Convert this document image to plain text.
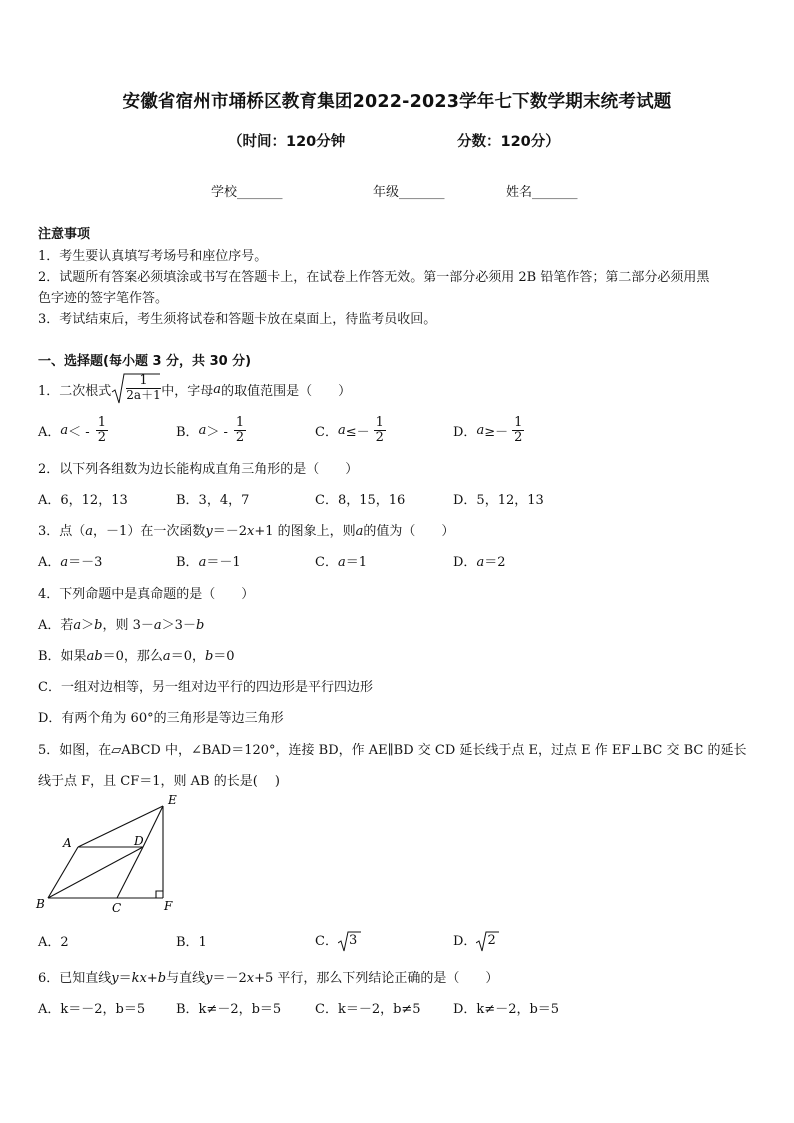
安徽省宿州市埇桥区教育集团2022-2023学年七下数学期末统考试题
（时间：120分钟	分数：120分）
学校_______	年级_______	姓名_______
注意事项
1．考生要认真填写考场号和座位序号。
2．试题所有答案必须填涂或书写在答题卡上，在试卷上作答无效。第一部分必须用 2B 铅笔作答；第二部分必须用黑
色字迹的签字笔作答。
3．考试结束后，考生须将试卷和答题卡放在桌面上，待监考员收回。
一、选择题(每小题 3 分，共 30 分)
1．二次根式 $\frac{1}{2a+1}$ 中，字母 a 的取值范围是（　　）
A． a ＜ - $\frac{1}{2}$	B． a ＞ - $\frac{1}{2}$	C． $a \le- \frac{1}{2}$	D． $a \ge- \frac{1}{2}$
2．以下列各组数为边长能构成直角三角形的是（　　）
A．6，12，13	B．3，4，7	C．8，15，16	D．5，12，13
3．点（a，－1）在一次函数y＝－2x+1 的图象上，则a的值为（　　）
A．a＝－3	B．a＝－1	C．a＝1	D．a＝2
4．下列命题中是真命题的是（　　）
A．若a＞b，则 3－a＞3－b
B．如果ab＝0，那么a＝0，b＝0
C．一组对边相等，另一组对边平行的四边形是平行四边形
D．有两个角为 60°的三角形是等边三角形
5．如图，在▱ABCD 中，∠BAD＝120°，连接 BD，作 AE∥BD 交 CD 延长线于点 E，过点 E 作 EF⊥BC 交 BC 的延长
线于点 F，且 CF＝1，则 AB 的长是(　 )
A	D
E
B	C	F
A．2	B．1	C． 3	D． 2
6．已知直线y＝kx+b与直线y＝－2x+5 平行，那么下列结论正确的是（　　）
A．k＝－2，b＝5 B．k≠－2，b＝5	C．k＝－2，b≠5 D．k≠－2，b＝5
